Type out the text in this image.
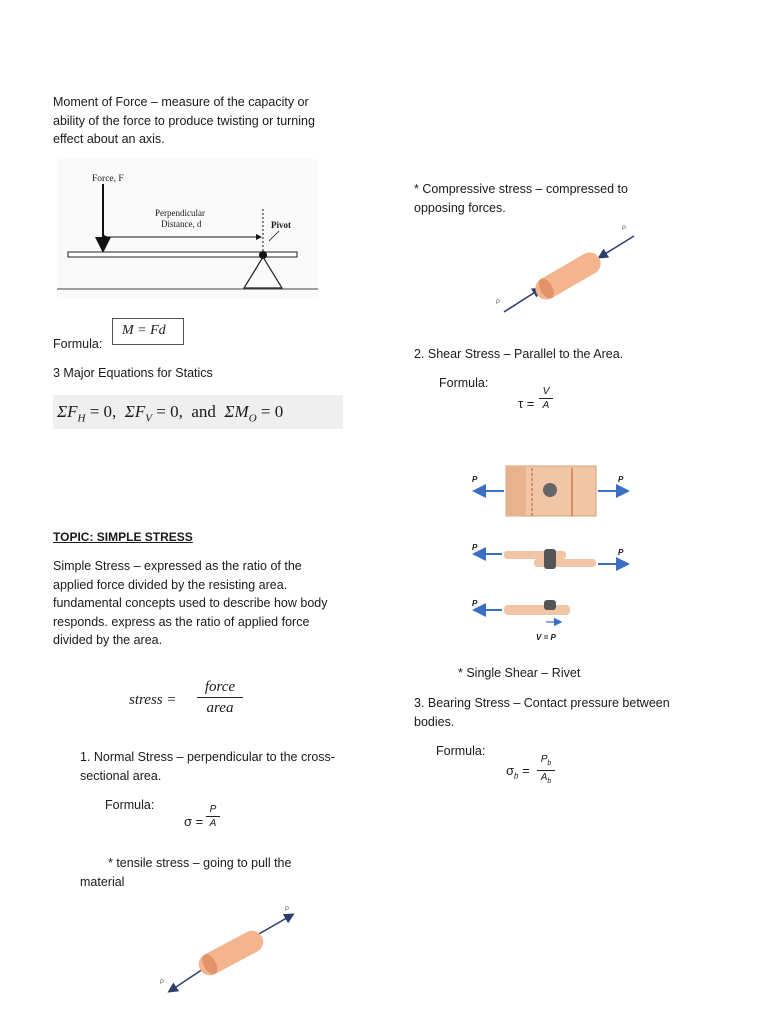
Moment of Force – measure of the capacity or ability of the force to produce twisting or turning effect about an axis.
Force, F
Perpendicular
Distance, d	Pivot
Formula:
M = Fd
3 Major Equations for Statics
$\Sigma F_H = 0$, $\Sigma F_V = 0$, and $\Sigma M_O = 0$
TOPIC: SIMPLE STRESS
Simple Stress – expressed as the ratio of the applied force divided by the resisting area. fundamental concepts used to describe how body responds. express as the ratio of applied force divided by the area.
stress =
force
area
1. Normal Stress – perpendicular to the cross-sectional area.
Formula:
σ =
P
A
* tensile stress – going to pull the material
P
P
* Compressive stress – compressed to opposing forces.
P
P
2. Shear Stress – Parallel to the Area.
Formula:
τ =
V
A
P	P
P
P
P
V = P
* Single Shear – Rivet
3. Bearing Stress – Contact pressure between bodies.
Formula:
$\sigma_b$ =
$P_b$
$A_b$
